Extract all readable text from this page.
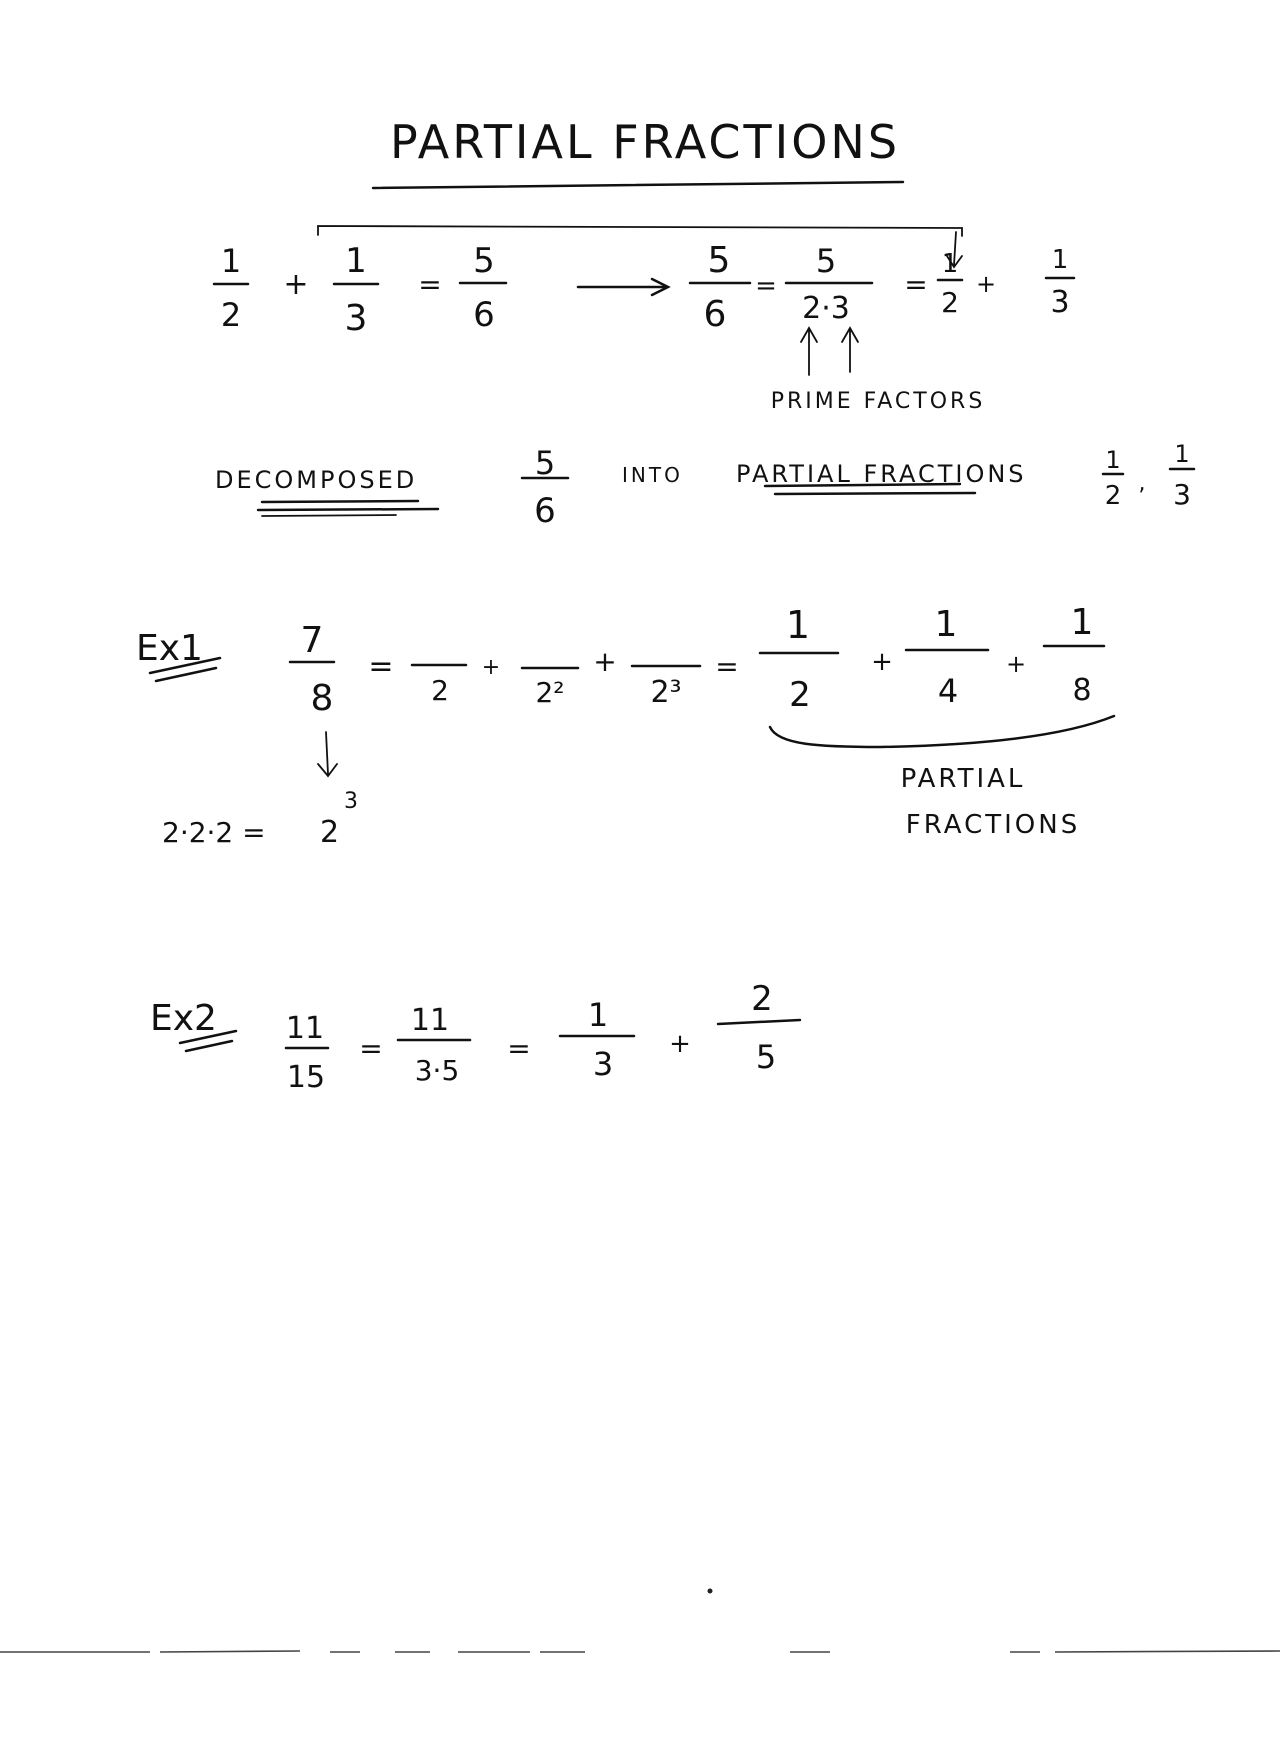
PARTIAL FRACTIONS
1
2
+
1
3
=
5
6
5
6
=
5
2·3
=
1
2
+
1
3
PRIME FACTORS
DECOMPOSED	5
6
INTO PARTIAL FRACTIONS	1
2 ,
1
3
Ex1	7
8
=
2
+
2²
+
2³
=
1
2
+
1
4
+
1
8
PARTIAL
FRACTIONS
2·2·2 = 2
3
Ex2 11
15
=
11
3·5
=
1
3
+
2
5
